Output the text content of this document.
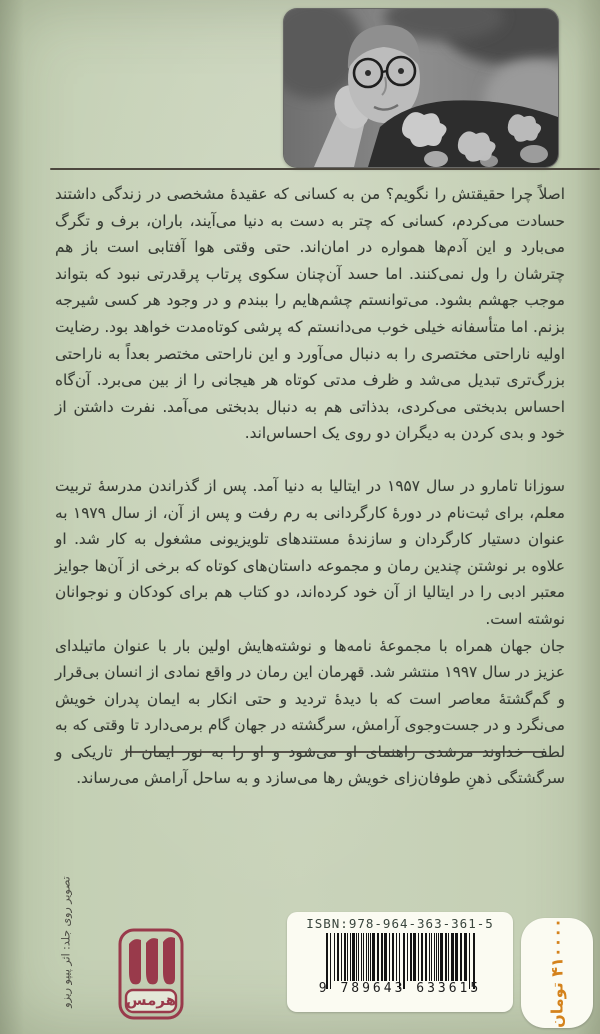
اصلاً چرا حقیقتش را نگویم؟ من به کسانی که عقیدهٔ مشخصی در زندگی داشتند حسادت می‌کردم، کسانی که چتر به دست به دنیا می‌آیند، باران، برف و تگرگ می‌بارد و این آدم‌ها همواره در امان‌اند. حتی وقتی هوا آفتابی است باز هم چترشان را ول نمی‌کنند. اما حسد آن‌چنان سکوی پرتاب پرقدرتی نبود که بتواند موجب جهشم بشود. می‌توانستم چشم‌هایم را ببندم و در وجود هر کسی شیرجه بزنم. اما متأسفانه خیلی خوب می‌دانستم که پرشی کوتاه‌مدت خواهد بود. رضایت اولیه ناراحتی مختصری را به دنبال می‌آورد و این ناراحتی مختصر بعداً به ناراحتی بزرگ‌تری تبدیل می‌شد و ظرف مدتی کوتاه هر هیجانی را از بین می‌برد. آن‌گاه احساس بدبختی می‌کردی، بدذاتی هم به دنبال بدبختی می‌آمد. نفرت داشتن از خود و بدی کردن به دیگران دو روی یک احساس‌اند.

سوزانا تامارو در سال ۱۹۵۷ در ایتالیا به دنیا آمد. پس از گذراندن مدرسهٔ تربیت معلم، برای ثبت‌نام در دورهٔ کارگردانی به رم رفت و پس از آن، از سال ۱۹۷۹ به عنوان دستیار کارگردان و سازندهٔ مستندهای تلویزیونی مشغول به کار شد. او علاوه بر نوشتن چندین رمان و مجموعه داستان‌های کوتاه که برخی از آن‌ها جوایز معتبر ادبی را در ایتالیا از آن خود کرده‌اند، دو کتاب هم برای کودکان و نوجوانان نوشته است.

جان جهان همراه با مجموعهٔ نامه‌ها و نوشته‌هایش اولین بار با عنوان ماتیلدای عزیز در سال ۱۹۹۷ منتشر شد. قهرمان این رمان در واقع نمادی از انسان بی‌قرار و گم‌گشتهٔ معاصر است که با دیدهٔ تردید و حتی انکار به ایمان پدران خویش می‌نگرد و در جست‌وجوی آرامش، سرگشته در جهان گام برمی‌دارد تا وقتی که به لطف خداوند مرشدی راهنمای او می‌شود و او را به نور ایمان از تاریکی و سرگشتگی ذهنِ طوفان‌زای خویش رها می‌سازد و به ساحل آرامش می‌رساند.

تصویر روی جلد: اثر پیپو ریزو	هرمس
ISBN:978-964-363-361-5
9 789643 633615	۴۱۰۰۰۰ تومان
